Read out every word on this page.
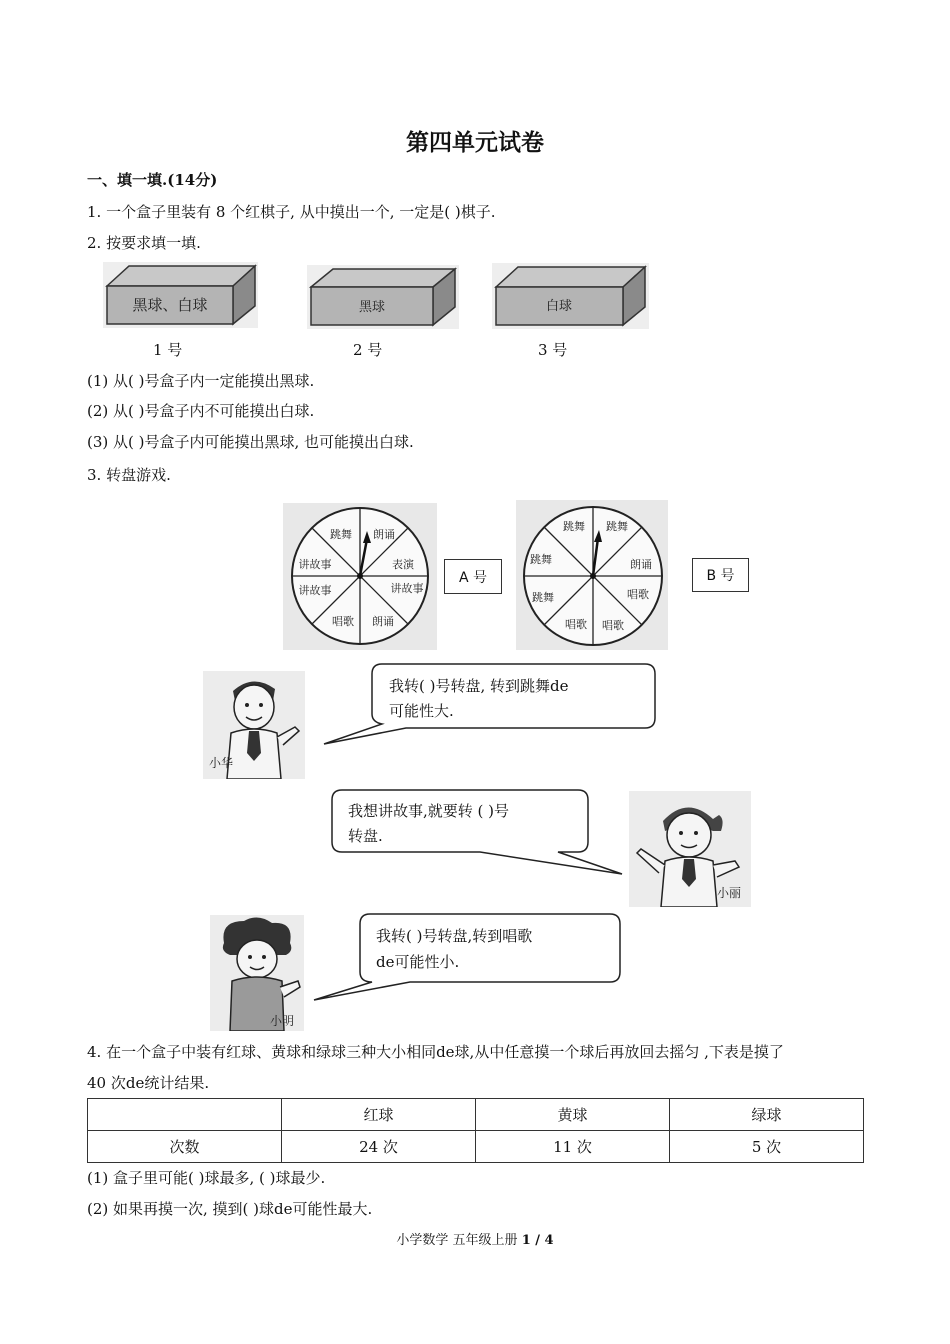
第四单元试卷
一、填一填.(14分)
1. 一个盒子里装有 8 个红棋子, 从中摸出一个, 一定是( )棋子.
2. 按要求填一填.
黑球、白球	黑球	白球
1 号	2 号	3 号
(1) 从( )号盒子内一定能摸出黑球.
(2) 从( )号盒子内不可能摸出白球.
(3) 从( )号盒子内可能摸出黑球, 也可能摸出白球.
3. 转盘游戏.
朗诵
表演
讲故事
朗诵
唱歌
讲故事
讲故事
跳舞
A 号
跳舞
朗诵
唱歌
唱歌
唱歌
跳舞
跳舞
跳舞
B 号
小华
我转( )号转盘, 转到跳舞de
可能性大.
我想讲故事,就要转 ( )号
转盘.
小丽
小明
我转( )号转盘,转到唱歌
de可能性小.
4. 在一个盒子中装有红球、黄球和绿球三种大小相同de球,从中任意摸一个球后再放回去摇匀 ,下表是摸了
40 次de统计结果.
	红球	黄球	绿球
次数	24 次	11 次	5 次
(1) 盒子里可能( )球最多, ( )球最少.
(2) 如果再摸一次, 摸到( )球de可能性最大.
小学数学 五年级上册 1 / 4
